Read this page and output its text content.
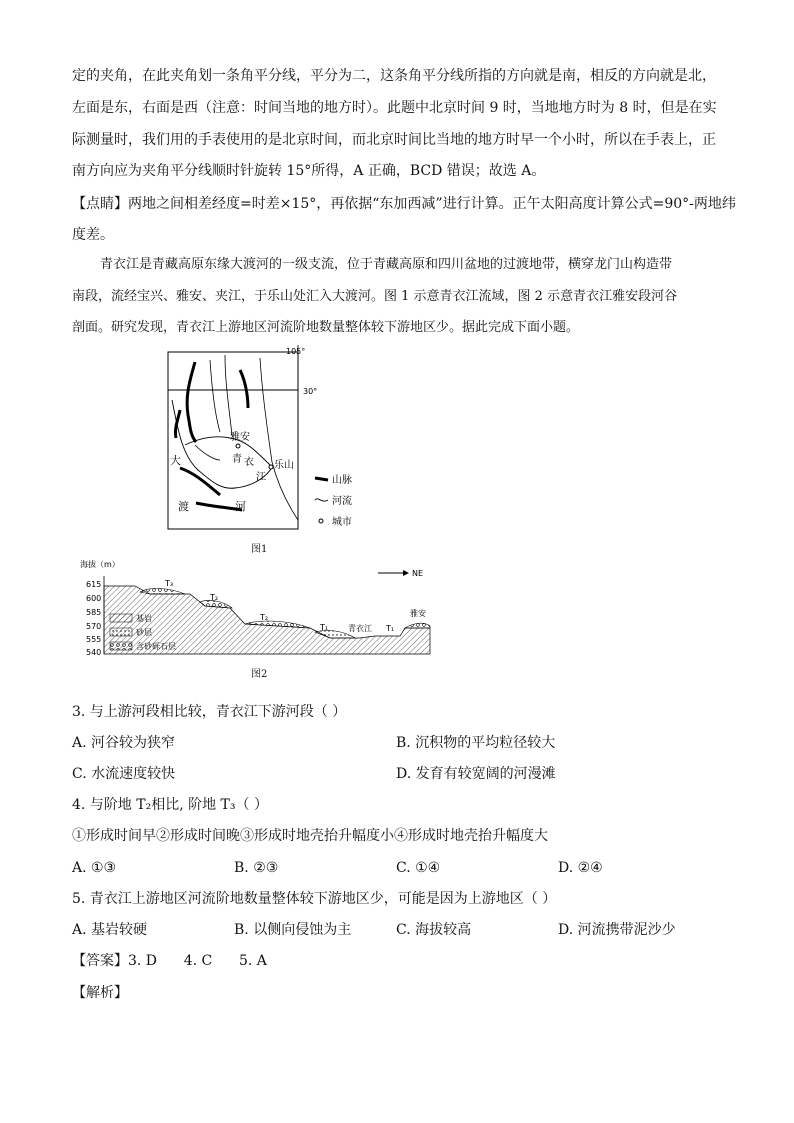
定的夹角，在此夹角划一条角平分线，平分为二，这条角平分线所指的方向就是南，相反的方向就是北，
左面是东，右面是西（注意：时间当地的地方时）。此题中北京时间 9 时，当地地方时为 8 时，但是在实
际测量时，我们用的手表使用的是北京时间，而北京时间比当地的地方时早一个小时，所以在手表上，正
南方向应为夹角平分线顺时针旋转 15°所得，A 正确，BCD 错误；故选 A。
【点睛】两地之间相差经度=时差×15°，再依据“东加西减”进行计算。正午太阳高度计算公式=90°-两地纬
度差。
青衣江是青藏高原东缘大渡河的一级支流，位于青藏高原和四川盆地的过渡地带，横穿龙门山构造带
南段，流经宝兴、雅安、夹江，于乐山处汇入大渡河。图 1 示意青衣江流域，图 2 示意青衣江雅安段河谷
剖面。研究发现，青衣江上游地区河流阶地数量整体较下游地区少。据此完成下面小题。
105°
30°
雅安
青 衣
江
乐山
大
渡	河
山脉
河流
城市
图1
海拔（m）
615
600
585
570
555
540
T₃
T₂
T₂
T₁	T₁
青衣江
雅安
NE
基岩
砂层
含砂砾石层
图2
3. 与上游河段相比较，青衣江下游河段（ ）
A. 河谷较为狭窄	B. 沉积物的平均粒径较大
C. 水流速度较快	D. 发育有较宽阔的河漫滩
4. 与阶地 T₂相比, 阶地 T₃（ ）
①形成时间早②形成时间晚③形成时地壳抬升幅度小④形成时地壳抬升幅度大
A. ①③	B. ②③	C. ①④	D. ②④
5. 青衣江上游地区河流阶地数量整体较下游地区少，可能是因为上游地区（ ）
A. 基岩较硬	B. 以侧向侵蚀为主	C. 海拔较高	D. 河流携带泥沙少
【答案】3. D      4. C      5. A
【解析】
